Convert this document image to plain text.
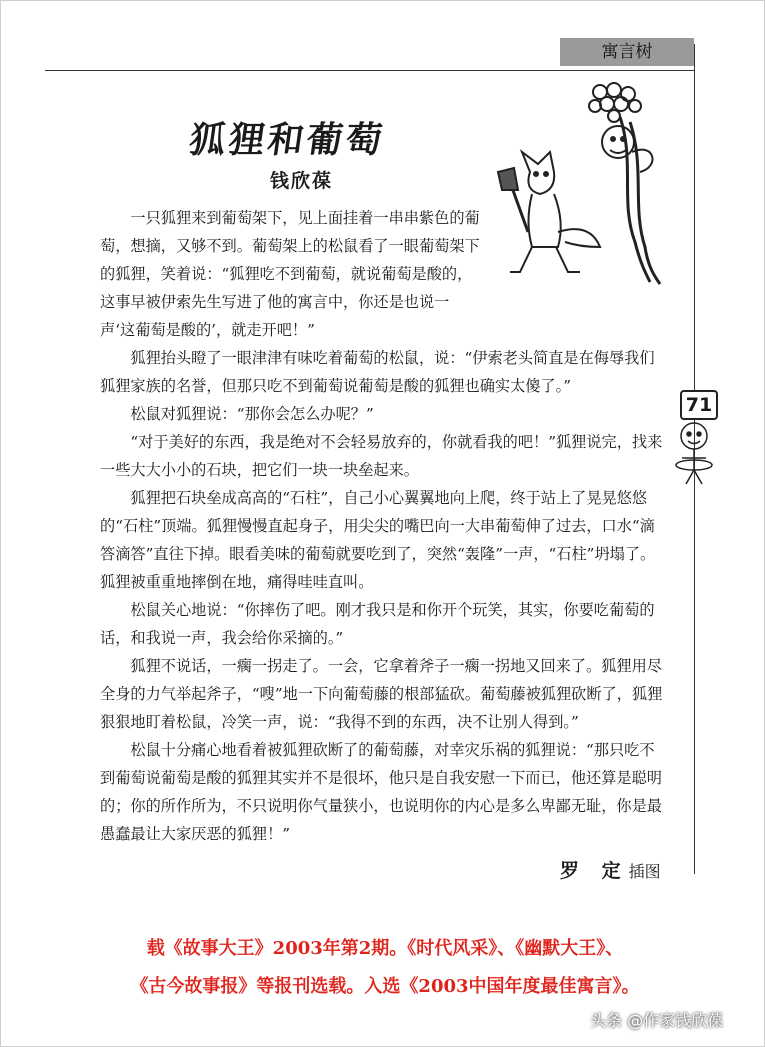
寓言树
狐狸和葡萄
钱欣葆

一只狐狸来到葡萄架下，见上面挂着一串串紫色的葡萄，想摘，又够不到。葡萄架上的松鼠看了一眼葡萄架下的狐狸，笑着说：“狐狸吃不到葡萄，就说葡萄是酸的，这事早被伊索先生写进了他的寓言中，你还是也说一声‘这葡萄是酸的’，就走开吧！”

狐狸抬头瞪了一眼津津有味吃着葡萄的松鼠，说：“伊索老头简直是在侮辱我们狐狸家族的名誉，但那只吃不到葡萄说葡萄是酸的狐狸也确实太傻了。”

松鼠对狐狸说：“那你会怎么办呢？”

“对于美好的东西，我是绝对不会轻易放弃的，你就看我的吧！”狐狸说完，找来一些大大小小的石块，把它们一块一块垒起来。

狐狸把石块垒成高高的“石柱”，自己小心翼翼地向上爬，终于站上了晃晃悠悠的“石柱”顶端。狐狸慢慢直起身子，用尖尖的嘴巴向一大串葡萄伸了过去，口水“滴答滴答”直往下掉。眼看美味的葡萄就要吃到了，突然“轰隆”一声，“石柱”坍塌了。狐狸被重重地摔倒在地，痛得哇哇直叫。

松鼠关心地说：“你摔伤了吧。刚才我只是和你开个玩笑，其实，你要吃葡萄的话，和我说一声，我会给你采摘的。”

狐狸不说话，一瘸一拐走了。一会，它拿着斧子一瘸一拐地又回来了。狐狸用尽全身的力气举起斧子，“嗖”地一下向葡萄藤的根部猛砍。葡萄藤被狐狸砍断了，狐狸狠狠地盯着松鼠，冷笑一声，说：“我得不到的东西，决不让别人得到。”

松鼠十分痛心地看着被狐狸砍断了的葡萄藤，对幸灾乐祸的狐狸说：“那只吃不到葡萄说葡萄是酸的狐狸其实并不是很坏，他只是自我安慰一下而已，他还算是聪明的；你的所作所为，不只说明你气量狭小，也说明你的内心是多么卑鄙无耻，你是最愚蠢最让大家厌恶的狐狸！”

71
罗 定插图
载《故事大王》2003年第2期。《时代风采》、《幽默大王》、
《古今故事报》等报刊选载。入选《2003中国年度最佳寓言》。
头条 @作家钱欣葆
